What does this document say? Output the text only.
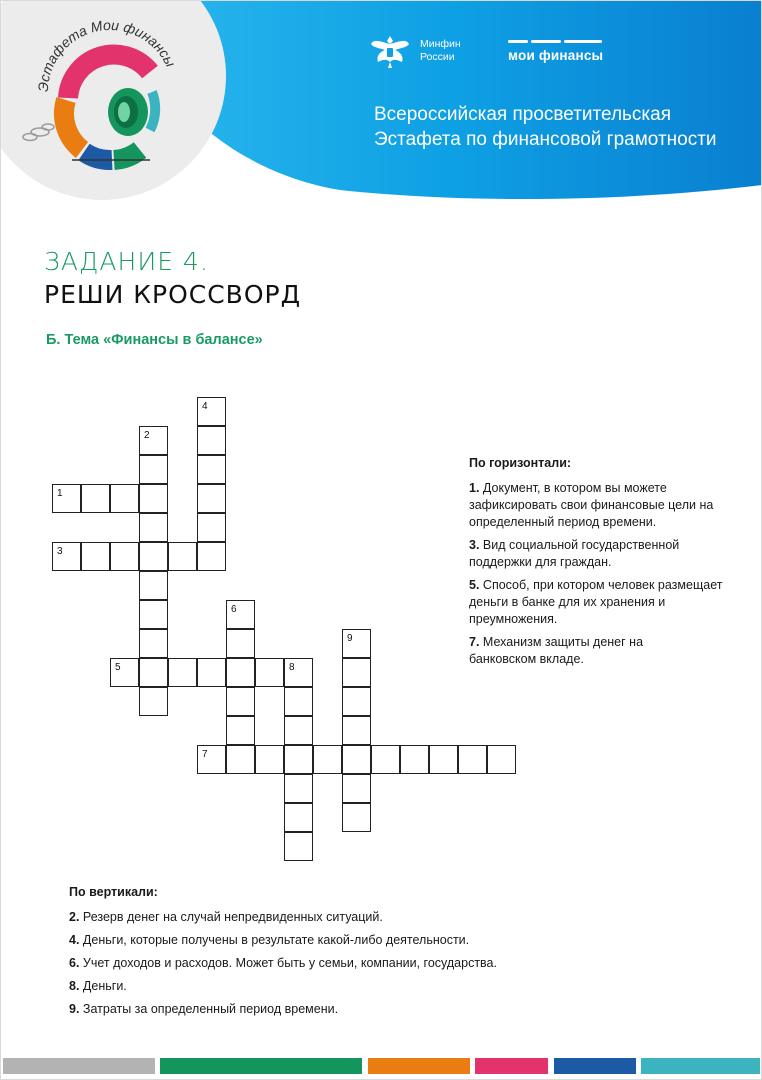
Эстафета Мои финансы
Минфин
России	мои финансы
Всероссийская просветительская
Эстафета по финансовой грамотности
ЗАДАНИЕ 4.
РЕШИ КРОССВОРД
Б. Тема «Финансы в балансе»
1
2
3
4
5
6
7
8
9
По горизонтали:
1. Документ, в котором вы можете зафиксировать свои финансовые цели на определенный период времени.
3. Вид социальной государственной поддержки для граждан.
5. Способ, при котором человек размещает деньги в банке для их хранения и преумножения.
7. Механизм защиты денег на банковском вкладе.
По вертикали:
2. Резерв денег на случай непредвиденных ситуаций.
4. Деньги, которые получены в результате какой-либо деятельности.
6. Учет доходов и расходов. Может быть у семьи, компании, государства.
8. Деньги.
9. Затраты за определенный период времени.
